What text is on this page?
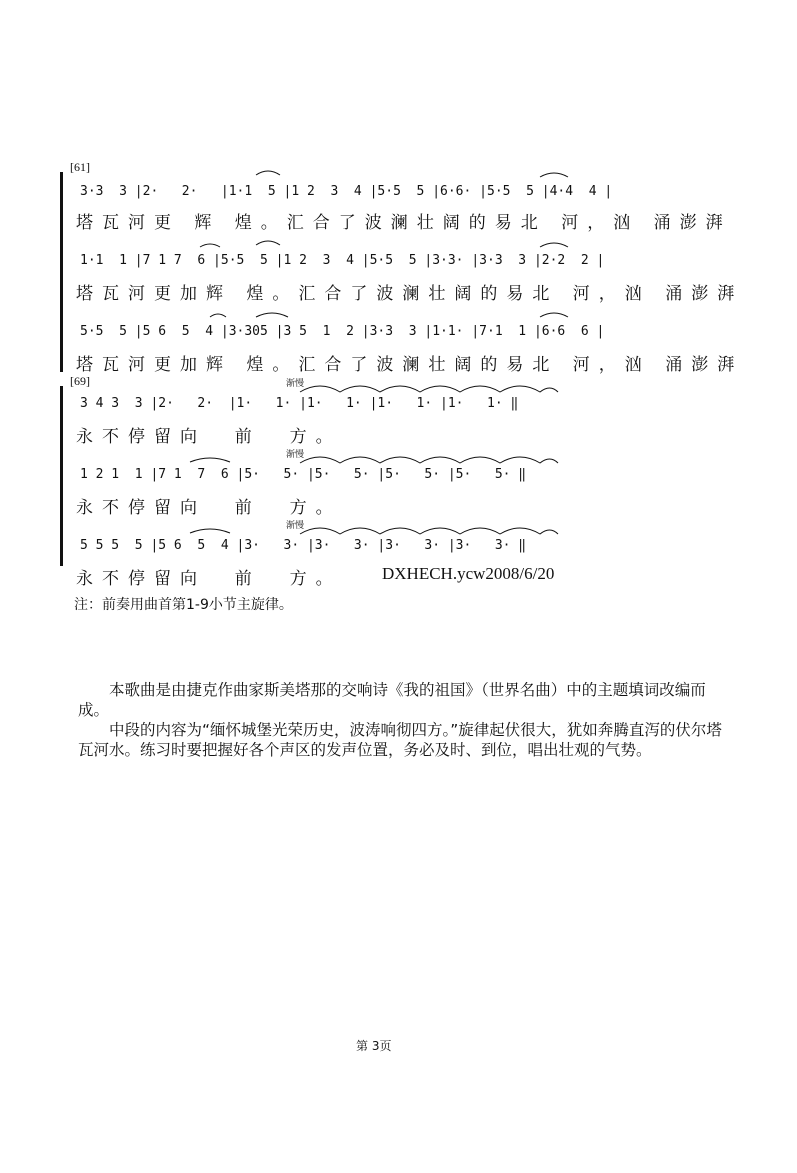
[61]
3·3  3 |2·   2·   |1·1  5 |1 2  3  4 |5·5  5 |6·6· |5·5  5 |4·4  4 |
塔瓦河更 辉 煌。汇合了波澜壮阔的易北 河，汹 涌澎湃
1·1  1 |7 1 7  6 |5·5  5 |1 2  3  4 |5·5  5 |3·3· |3·3  3 |2·2  2 |
塔瓦河更加辉 煌。汇合了波澜壮阔的易北 河，汹 涌澎湃
5·5  5 |5 6  5  4 |3·305 |3 5  1  2 |3·3  3 |1·1· |7·1  1 |6·6  6 |
塔瓦河更加辉 煌。汇合了波澜壮阔的易北 河，汹 涌澎湃
[69]	渐慢
渐慢
渐慢
3 4 3  3 |2·   2·  |1·   1· |1·   1· |1·   1· |1·   1· ‖
永不停留向  前  方。
1 2 1  1 |7 1  7  6 |5·   5· |5·   5· |5·   5· |5·   5· ‖
永不停留向  前  方。
5 5 5  5 |5 6  5  4 |3·   3· |3·   3· |3·   3· |3·   3· ‖
永不停留向  前  方。 DXHECH.ycw2008/6/20
注：前奏用曲首第1-9小节主旋律。

本歌曲是由捷克作曲家斯美塔那的交响诗《我的祖国》（世界名曲）中的主题填词改编而成。

中段的内容为“缅怀城堡光荣历史，波涛响彻四方。”旋律起伏很大，犹如奔腾直泻的伏尔塔瓦河水。练习时要把握好各个声区的发声位置，务必及时、到位，唱出壮观的气势。

第 3页
